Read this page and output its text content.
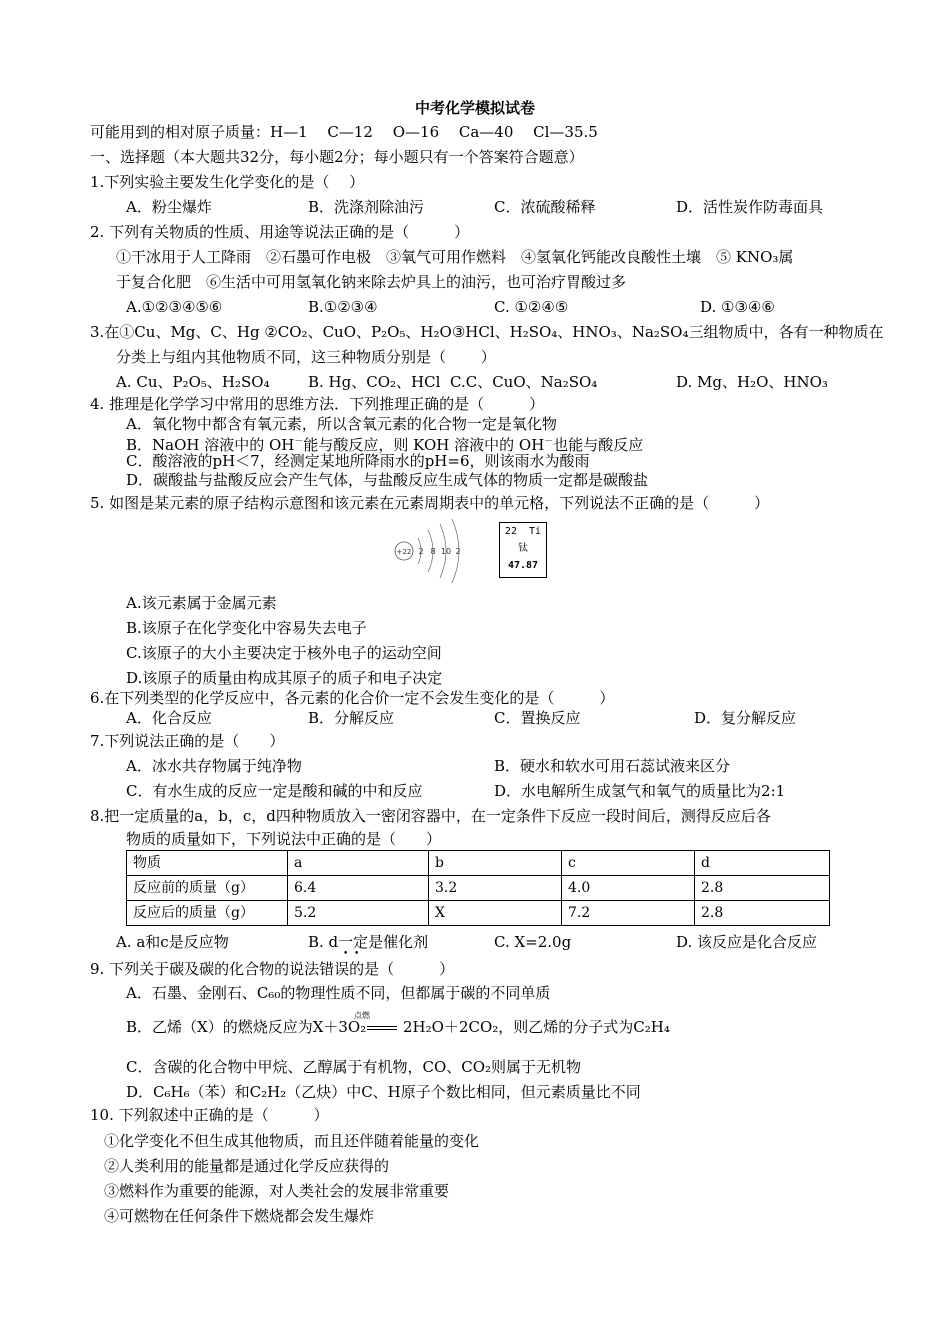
中考化学模拟试卷
可能用到的相对原子质量：H—1　 C—12　 O—16　 Ca—40　 Cl—35.5
一、选择题（本大题共32分，每小题2分；每小题只有一个答案符合题意）
1.下列实验主要发生化学变化的是（　 ）
A．粉尘爆炸	B．洗涤剂除油污	C．浓硫酸稀释	D．活性炭作防毒面具
2. 下列有关物质的性质、用途等说法正确的是（　　　）
①干冰用于人工降雨　②石墨可作电极　③氧气可用作燃料　④氢氧化钙能改良酸性土壤　⑤ KNO₃属
于复合化肥　⑥生活中可用氢氧化钠来除去炉具上的油污，也可治疗胃酸过多
A.①②③④⑤⑥	B.①②③④	C. ①②④⑤	D. ①③④⑥
3.在①Cu、Mg、C、Hg ②CO₂、CuO、P₂O₅、H₂O③HCl、H₂SO₄、HNO₃、Na₂SO₄三组物质中，各有一种物质在
分类上与组内其他物质不同，这三种物质分别是（　　 ）
A. Cu、P₂O₅、H₂SO₄	B. Hg、CO₂、HCl C.C、CuO、Na₂SO₄	D. Mg、H₂O、HNO₃
4. 推理是化学学习中常用的思维方法．下列推理正确的是（　　　）
A．氧化物中都含有氧元素，所以含氧元素的化合物一定是氧化物
B．NaOH 溶液中的 OH－能与酸反应，则 KOH 溶液中的 OH－也能与酸反应
C．酸溶液的pH＜7，经测定某地所降雨水的pH=6，则该雨水为酸雨
D．碳酸盐与盐酸反应会产生气体，与盐酸反应生成气体的物质一定都是碳酸盐
5. 如图是某元素的原子结构示意图和该元素在元素周期表中的单元格，下列说法不正确的是（　　　）
+22 2 8 10 2
22 Ti
钛
47.87
A.该元素属于金属元素
B.该原子在化学变化中容易失去电子
C.该原子的大小主要决定于核外电子的运动空间
D.该原子的质量由构成其原子的质子和电子决定
6.在下列类型的化学反应中，各元素的化合价一定不会发生变化的是（　　　）
A．化合反应	B．分解反应	C．置换反应	D．复分解反应
7.下列说法正确的是（　　）
A．冰水共存物属于纯净物	B．硬水和软水可用石蕊试液来区分
C．有水生成的反应一定是酸和碱的中和反应	D．水电解所生成氢气和氧气的质量比为2:1
8.把一定质量的a，b，c，d四种物质放入一密闭容器中，在一定条件下反应一段时间后，测得反应后各
物质的质量如下，下列说法中正确的是（　　）
物质	a	b	c	d
反应前的质量（g）	6.4	3.2	4.0	2.8
反应后的质量（g）	5.2	X	7.2	2.8
A. a和c是反应物	B. d一定是催化剂
•  •
C. X=2.0g	D. 该反应是化合反应
9. 下列关于碳及碳的化合物的说法错误的是（　　　）
A．石墨、金刚石、C₆₀的物理性质不同，但都属于碳的不同单质
B．乙烯（X）的燃烧反应为X＋3O₂ 2H₂O＋2CO₂，则乙烯的分子式为C₂H₄
点燃
C．含碳的化合物中甲烷、乙醇属于有机物，CO、CO₂则属于无机物
D．C₆H₆（苯）和C₂H₂（乙炔）中C、H原子个数比相同，但元素质量比不同
10. 下列叙述中正确的是（　　　）
①化学变化不但生成其他物质，而且还伴随着能量的变化
②人类利用的能量都是通过化学反应获得的
③燃料作为重要的能源，对人类社会的发展非常重要
④可燃物在任何条件下燃烧都会发生爆炸
